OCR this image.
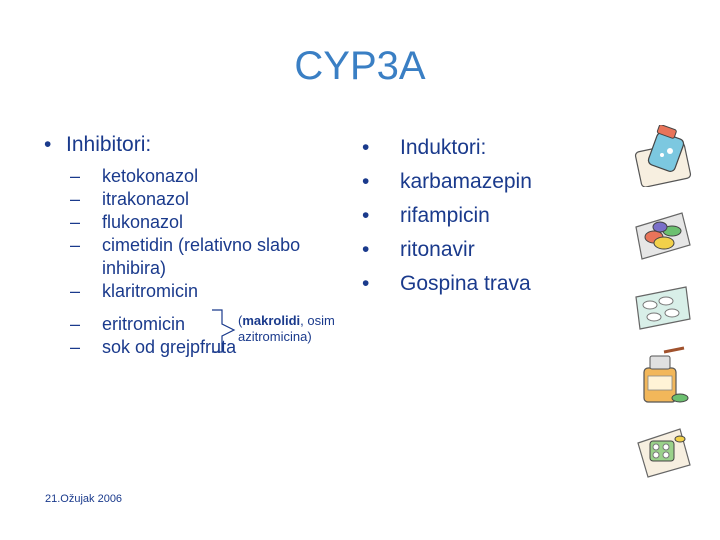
CYP3A
• Inhibitori:
– ketokonazol
– itrakonazol
– flukonazol
– cimetidin (relativno slabo
inhibira)
– klaritromicin
– eritromicin
– sok od grejpfruta
(makrolidi, osim
azitromicina)
•	Induktori:
•	karbamazepin
•	rifampicin
•	ritonavir
•	Gospina trava
21.Ožujak 2006
